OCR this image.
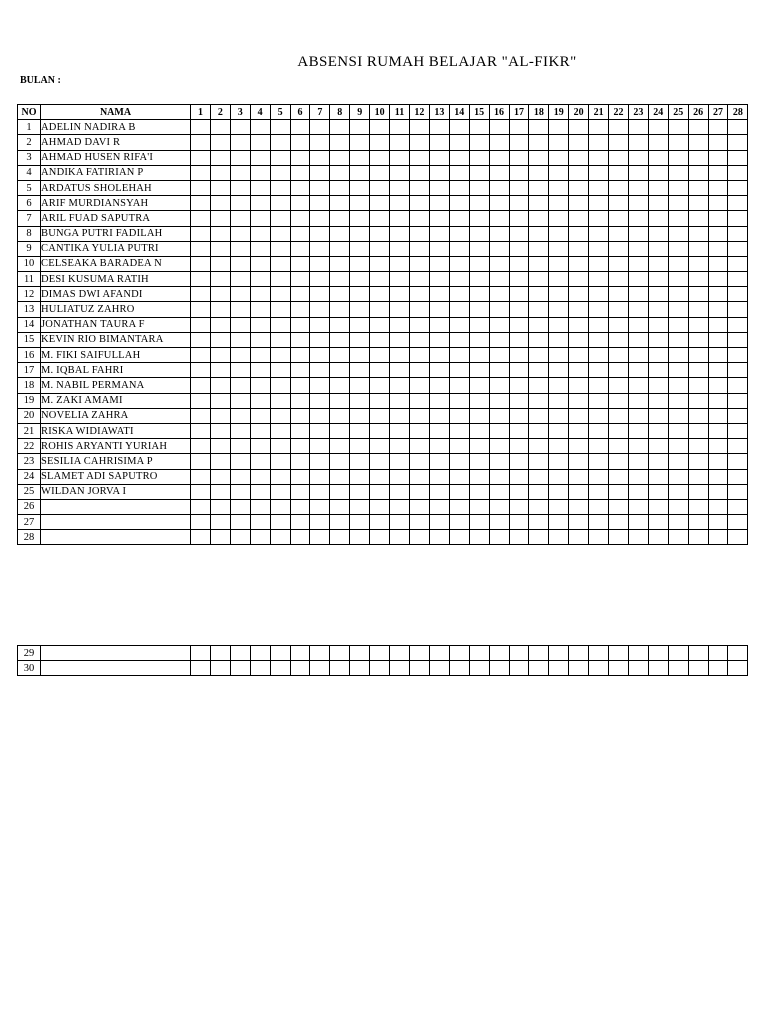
ABSENSI RUMAH BELAJAR "AL-FIKR"
BULAN :
NO	NAMA	1	2	3	4	5	6	7	8	9	10	11	12	13	14	15	16	17	18	19	20	21	22	23	24	25	26	27	28
1	ADELIN NADIRA B																												
2	AHMAD DAVI R																												
3	AHMAD HUSEN RIFA'I																												
4	ANDIKA FATIRIAN P																												
5	ARDATUS SHOLEHAH																												
6	ARIF MURDIANSYAH																												
7	ARIL FUAD SAPUTRA																												
8	BUNGA PUTRI FADILAH																												
9	CANTIKA YULIA PUTRI																												
10	CELSEAKA BARADEA N																												
11	DESI KUSUMA RATIH																												
12	DIMAS DWI AFANDI																												
13	HULIATUZ ZAHRO																												
14	JONATHAN TAURA F																												
15	KEVIN RIO BIMANTARA																												
16	M. FIKI SAIFULLAH																												
17	M. IQBAL FAHRI																												
18	M. NABIL PERMANA																												
19	M. ZAKI AMAMI																												
20	NOVELIA ZAHRA																												
21	RISKA WIDIAWATI																												
22	ROHIS ARYANTI YURIAH																												
23	SESILIA CAHRISIMA P																												
24	SLAMET ADI SAPUTRO																												
25	WILDAN JORVA I																												
26																													
27																													
28																													
29																													
30																													
